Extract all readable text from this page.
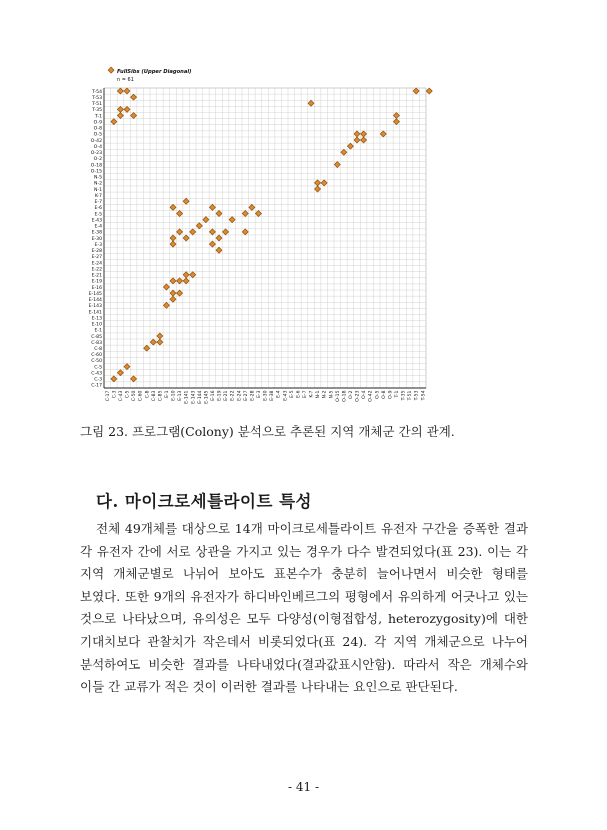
C-17
C-3
C-43
C-5
C-50
C-60
C-8
C-83
C-85
E-1
E-10
E-13
E-141
E-143
E-144
E-145
E-16
E-19
E-21
E-22
E-24
E-27
E-28
E-3
E-30
E-38
E-4
E-43
E-5
E-6
E-7
K-7
N-1
N-2
N-5
O-15
O-18
O-2
O-23
O-4
O-42
O-5
O-8
O-9
T-1
T-35
T-51
T-53
T-54
C-17 C-3 C-43 C-5 C-50 C-60 C-8 C-83 C-85 E-1 E-10 E-13 E-141 E-143 E-144 E-145 E-16 E-19 E-21 E-22 E-24 E-27 E-28 E-3 E-30 E-38 E-4 E-43 E-5 E-6 E-7 K-7 N-1 N-2 N-5 O-15 O-18 O-2 O-23 O-4 O-42 O-5 O-8 O-9 T-1 T-35 T-51 T-53 T-54
FullSibs (Upper Diagonal)
n = 61

그림 23. 프로그램(Colony) 분석으로 추론된 지역 개체군 간의 관계.

다. 마이크로세틀라이트 특성

전체 49개체를 대상으로 14개 마이크로세틀라이트 유전자 구간을 증폭한 결과 각 유전자 간에 서로 상관을 가지고 있는 경우가 다수 발견되었다(표 23). 이는 각 지역 개체군별로 나뉘어 보아도 표본수가 충분히 늘어나면서 비슷한 형태를 보였다. 또한 9개의 유전자가 하디바인베르그의 평형에서 유의하게 어긋나고 있는 것으로 나타났으며, 유의성은 모두 다양성(이형접합성, heterozygosity)에 대한 기대치보다 관찰치가 작은데서 비롯되었다(표 24). 각 지역 개체군으로 나누어 분석하여도 비슷한 결과를 나타내었다(결과값표시안함). 따라서 작은 개체수와 이들 간 교류가 적은 것이 이러한 결과를 나타내는 요인으로 판단된다.

- 41 -
